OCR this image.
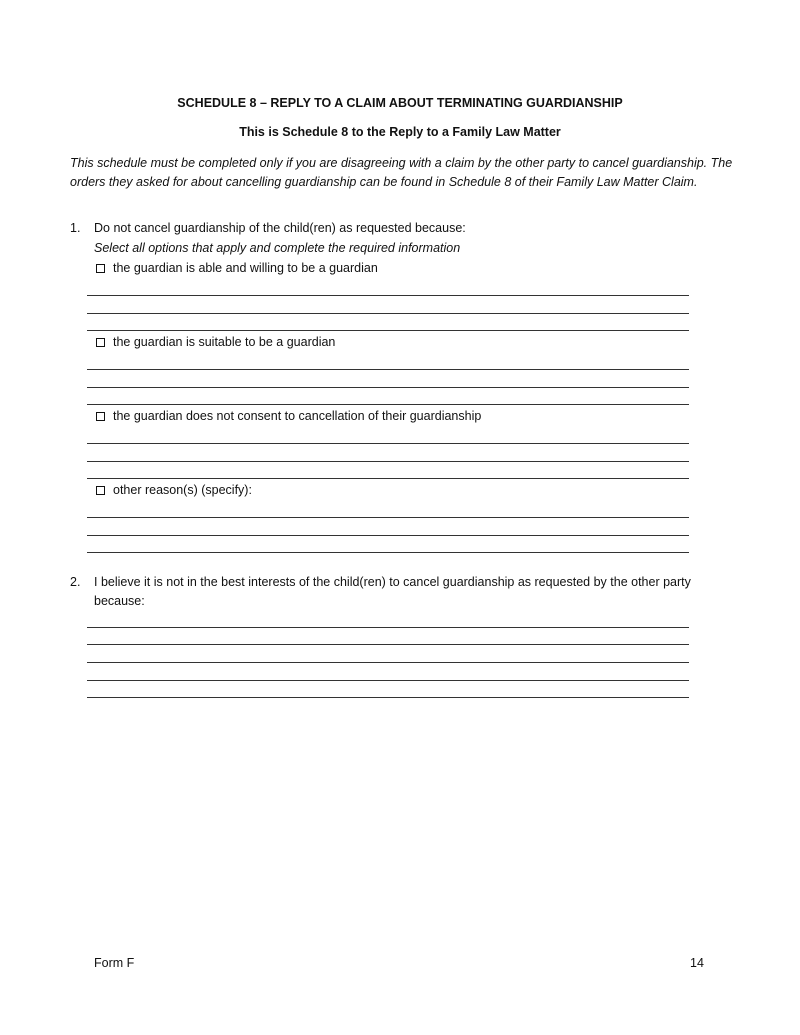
SCHEDULE 8 – REPLY TO A CLAIM ABOUT TERMINATING GUARDIANSHIP
This is Schedule 8 to the Reply to a Family Law Matter
This schedule must be completed only if you are disagreeing with a claim by the other party to cancel guardianship. The orders they asked for about cancelling guardianship can be found in Schedule 8 of their Family Law Matter Claim.
1. Do not cancel guardianship of the child(ren) as requested because:
Select all options that apply and complete the required information
the guardian is able and willing to be a guardian
the guardian is suitable to be a guardian
the guardian does not consent to cancellation of their guardianship
other reason(s) (specify):
2. I believe it is not in the best interests of the child(ren) to cancel guardianship as requested by the other party because:
Form F	14
